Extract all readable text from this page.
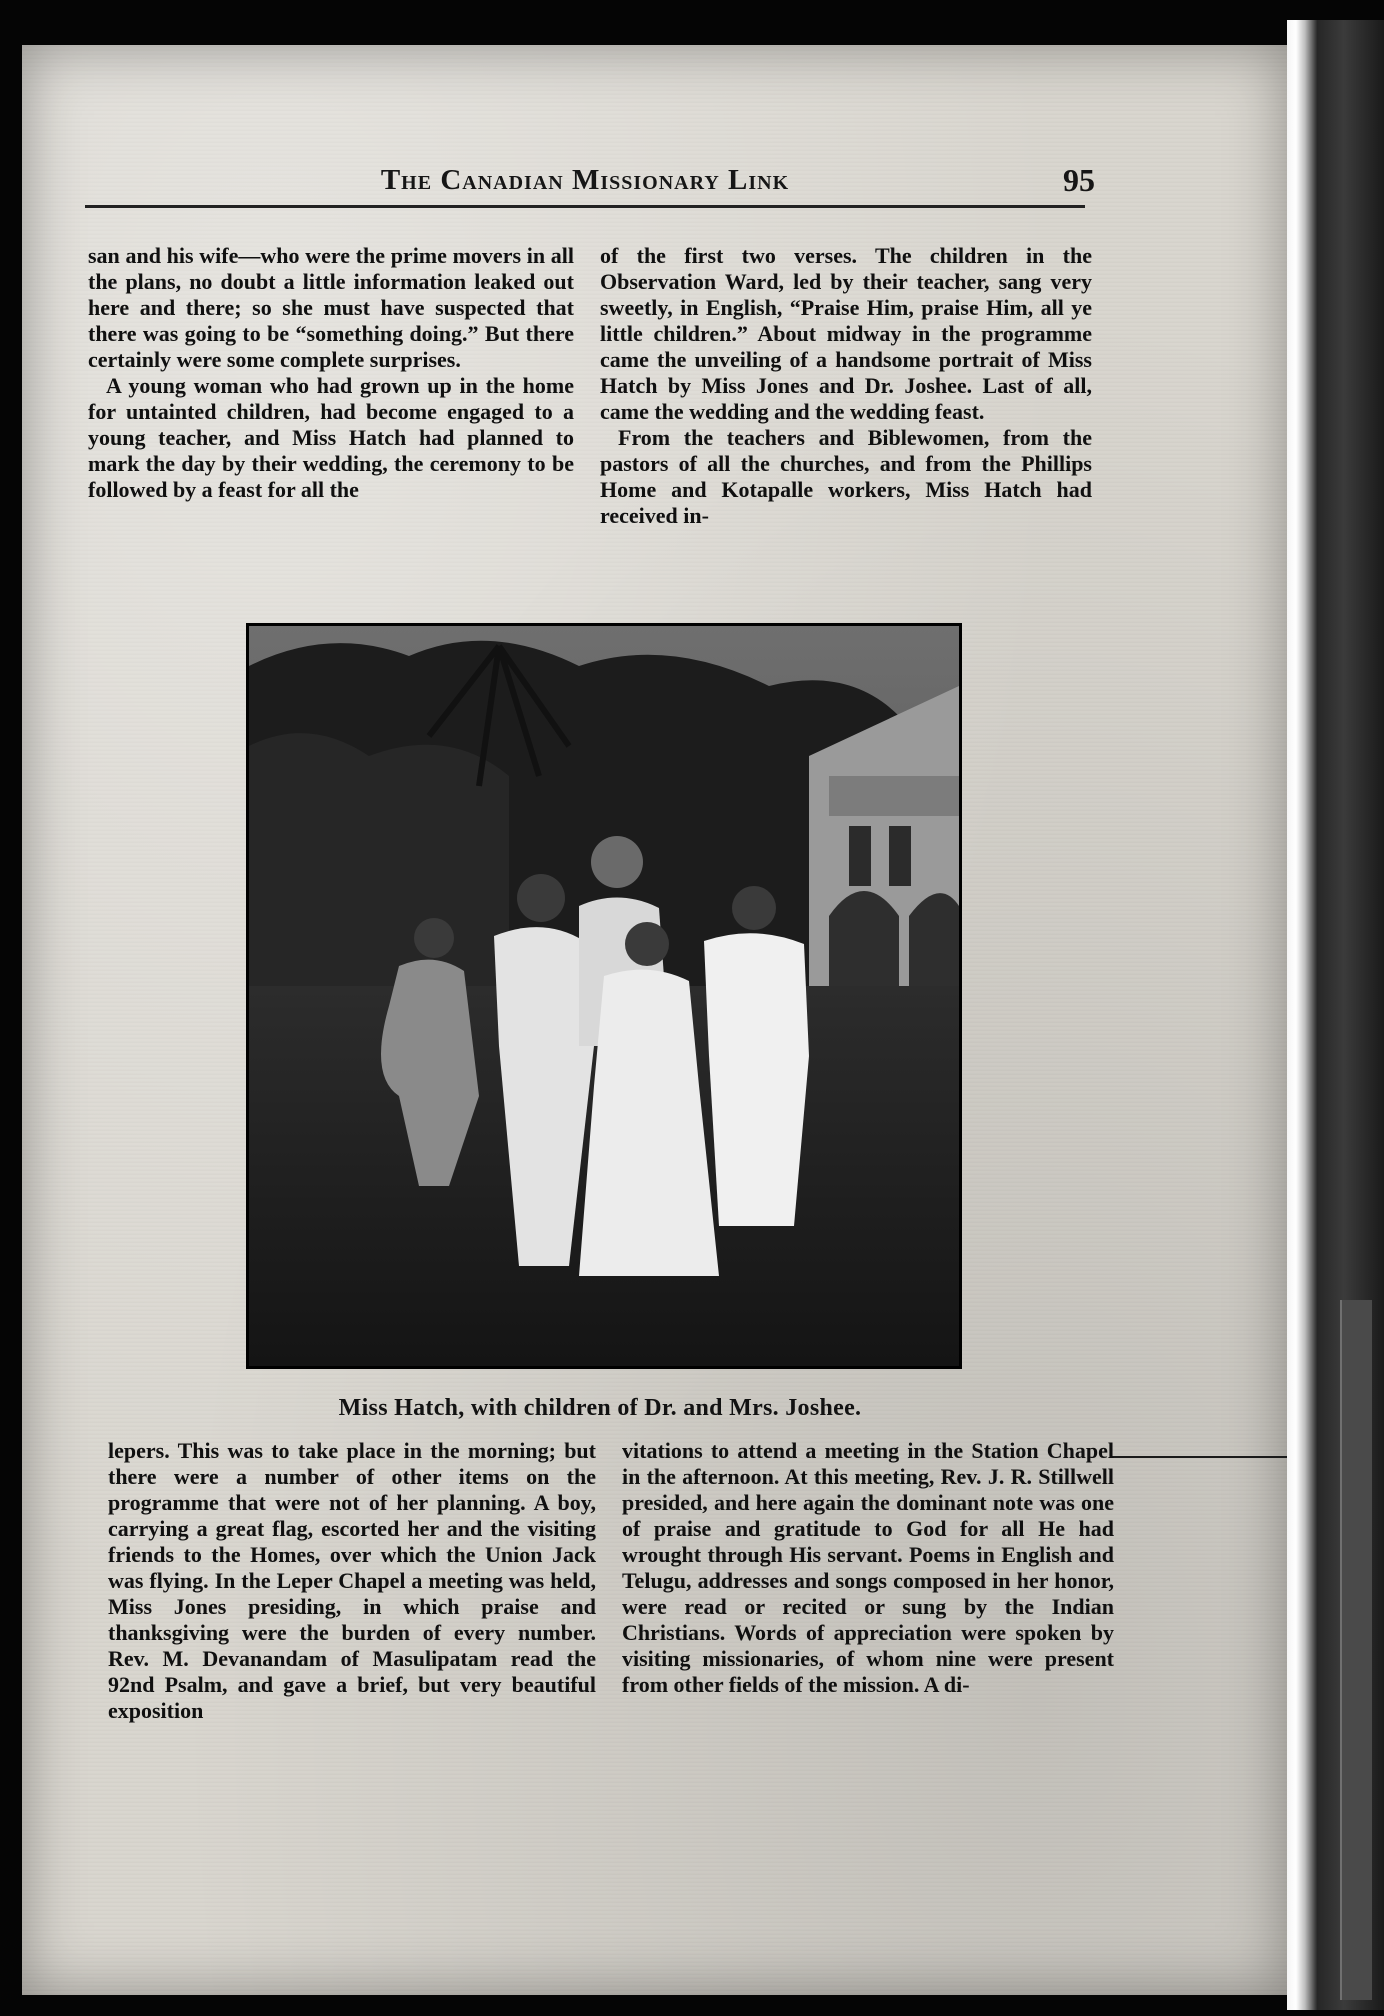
The Canadian Missionary Link	95

san and his wife—who were the prime movers in all the plans, no doubt a little information leaked out here and there; so she must have suspected that there was going to be “something doing.” But there certainly were some complete surprises.

A young woman who had grown up in the home for untainted children, had become engaged to a young teacher, and Miss Hatch had planned to mark the day by their wedding, the ceremony to be followed by a feast for all the

of the first two verses. The children in the Observation Ward, led by their teacher, sang very sweetly, in English, “Praise Him, praise Him, all ye little children.” About midway in the programme came the unveiling of a handsome portrait of Miss Hatch by Miss Jones and Dr. Joshee. Last of all, came the wedding and the wedding feast.

From the teachers and Biblewomen, from the pastors of all the churches, and from the Phillips Home and Kotapalle workers, Miss Hatch had received in-

Miss Hatch, with children of Dr. and Mrs. Joshee.

lepers. This was to take place in the morning; but there were a number of other items on the programme that were not of her planning. A boy, carrying a great flag, escorted her and the visiting friends to the Homes, over which the Union Jack was flying. In the Leper Chapel a meeting was held, Miss Jones presiding, in which praise and thanksgiving were the burden of every number. Rev. M. Devanandam of Masulipatam read the 92nd Psalm, and gave a brief, but very beautiful exposition

vitations to attend a meeting in the Station Chapel in the afternoon. At this meeting, Rev. J. R. Stillwell presided, and here again the dominant note was one of praise and gratitude to God for all He had wrought through His servant. Poems in English and Telugu, addresses and songs composed in her honor, were read or recited or sung by the Indian Christians. Words of appreciation were spoken by visiting missionaries, of whom nine were present from other fields of the mission. A di-
